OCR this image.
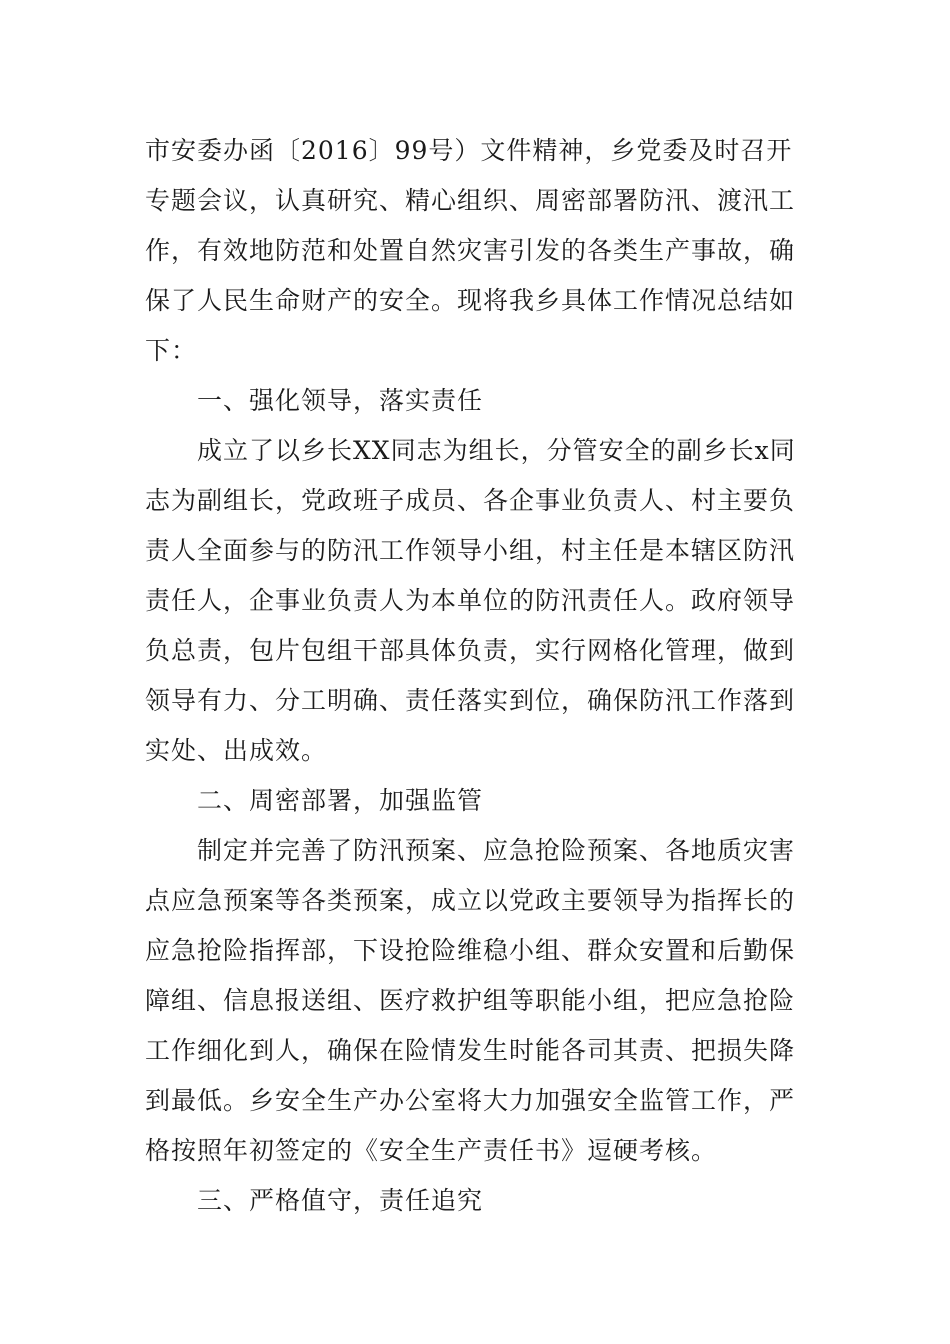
市安委办函〔2016〕99号）文件精神，乡党委及时召开
专题会议，认真研究、精心组织、周密部署防汛、渡汛工
作，有效地防范和处置自然灾害引发的各类生产事故，确
保了人民生命财产的安全。现将我乡具体工作情况总结如
下：
一、强化领导，落实责任
成立了以乡长XX同志为组长，分管安全的副乡长x同
志为副组长，党政班子成员、各企事业负责人、村主要负
责人全面参与的防汛工作领导小组，村主任是本辖区防汛
责任人，企事业负责人为本单位的防汛责任人。政府领导
负总责，包片包组干部具体负责，实行网格化管理，做到
领导有力、分工明确、责任落实到位，确保防汛工作落到
实处、出成效。
二、周密部署，加强监管
制定并完善了防汛预案、应急抢险预案、各地质灾害
点应急预案等各类预案，成立以党政主要领导为指挥长的
应急抢险指挥部，下设抢险维稳小组、群众安置和后勤保
障组、信息报送组、医疗救护组等职能小组，把应急抢险
工作细化到人，确保在险情发生时能各司其责、把损失降
到最低。乡安全生产办公室将大力加强安全监管工作，严
格按照年初签定的《安全生产责任书》逗硬考核。
三、严格值守，责任追究
